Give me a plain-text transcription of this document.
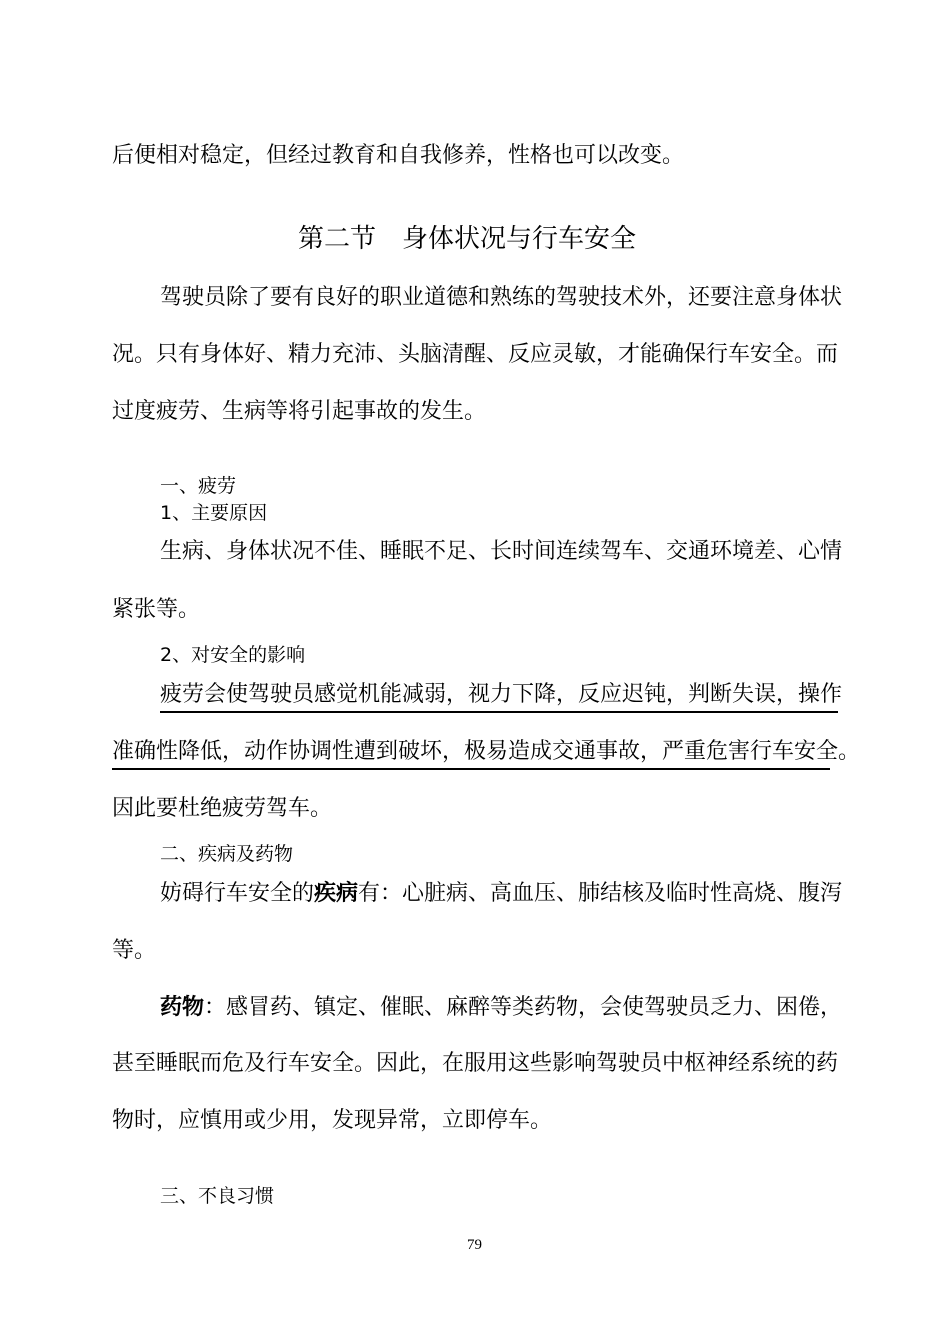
后便相对稳定，但经过教育和自我修养，性格也可以改变。
第二节　身体状况与行车安全
驾驶员除了要有良好的职业道德和熟练的驾驶技术外，还要注意身体状
况。只有身体好、精力充沛、头脑清醒、反应灵敏，才能确保行车安全。而
过度疲劳、生病等将引起事故的发生。
一、疲劳
1、主要原因
生病、身体状况不佳、睡眠不足、长时间连续驾车、交通环境差、心情
紧张等。
2、对安全的影响
疲劳会使驾驶员感觉机能减弱，视力下降，反应迟钝，判断失误，操作
准确性降低，动作协调性遭到破坏，极易造成交通事故，严重危害行车安全。
因此要杜绝疲劳驾车。
二、疾病及药物
妨碍行车安全的疾病有：心脏病、高血压、肺结核及临时性高烧、腹泻
等。
药物：感冒药、镇定、催眠、麻醉等类药物，会使驾驶员乏力、困倦，
甚至睡眠而危及行车安全。因此，在服用这些影响驾驶员中枢神经系统的药
物时，应慎用或少用，发现异常，立即停车。
三、不良习惯
79
